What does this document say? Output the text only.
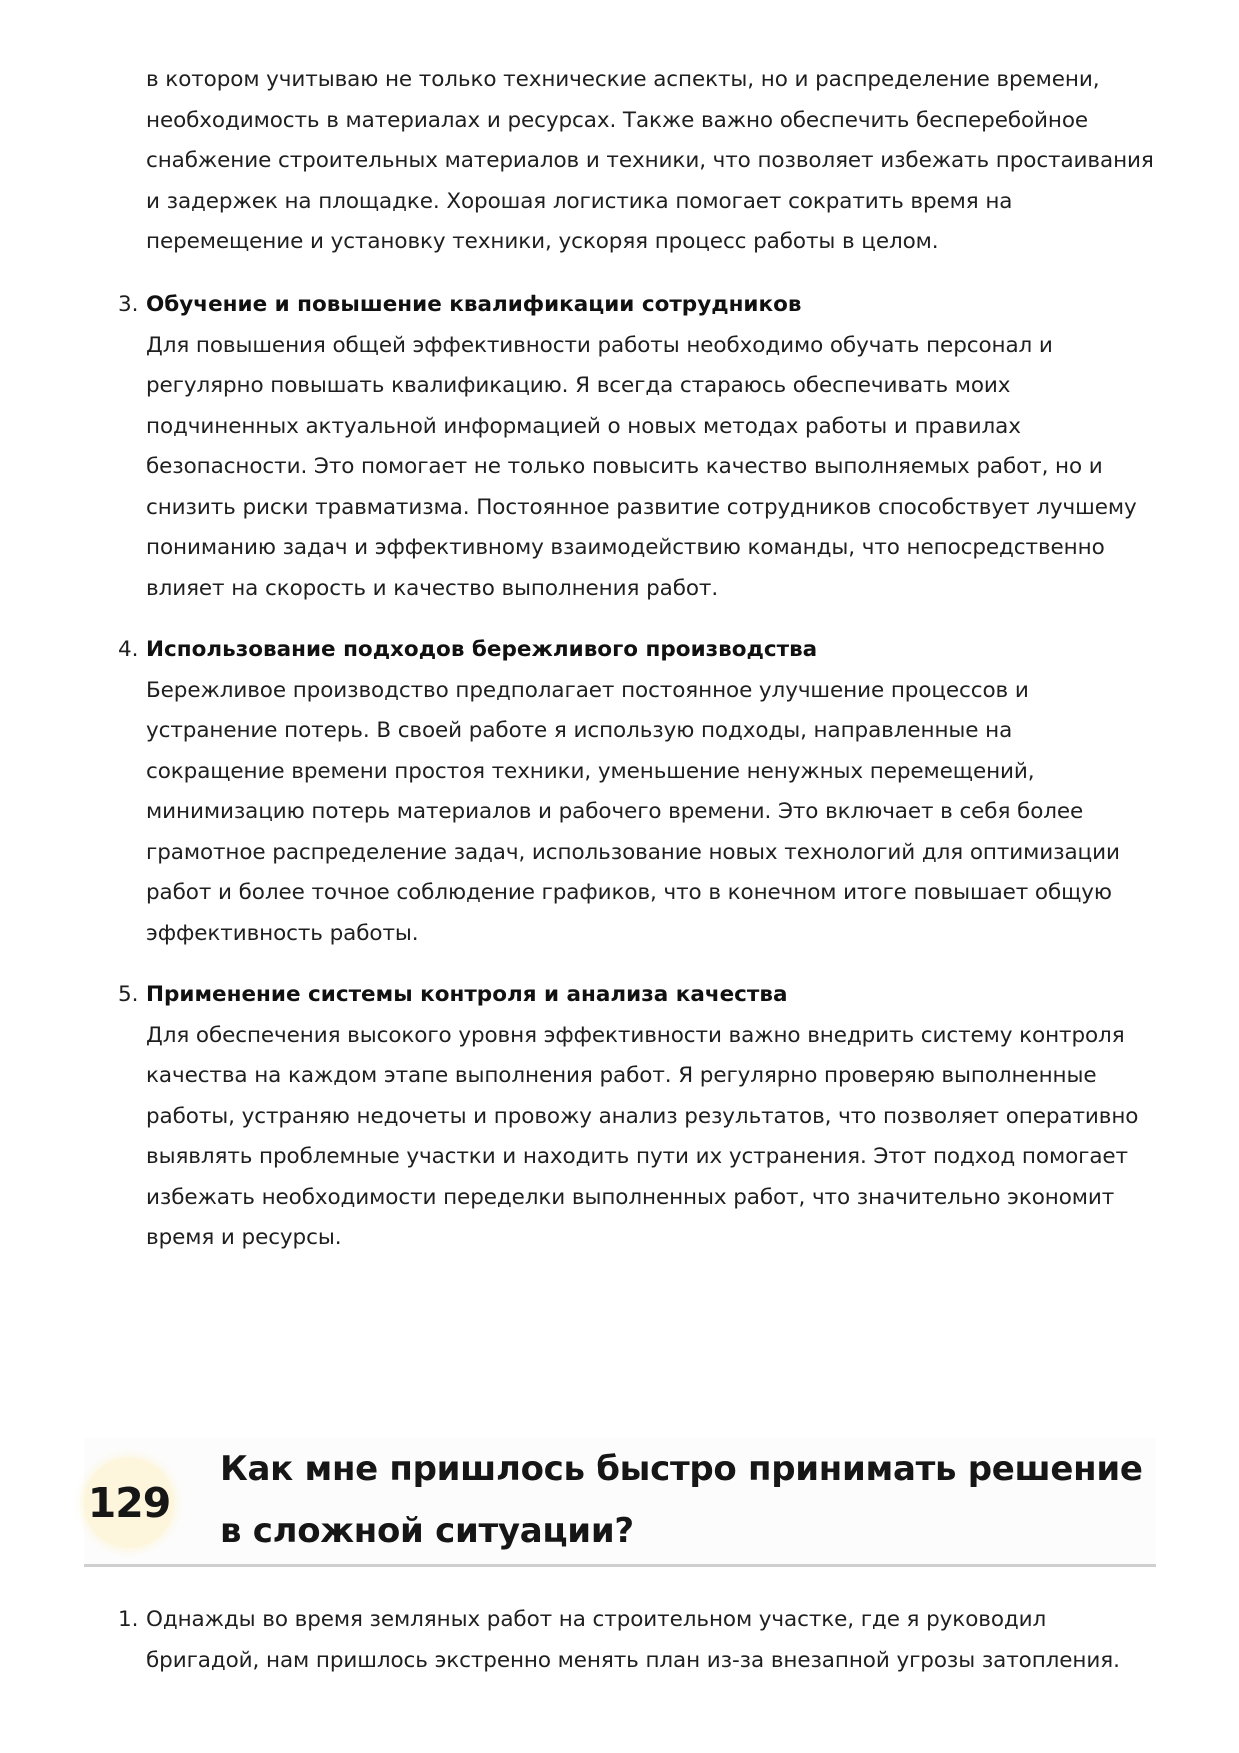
в котором учитываю не только технические аспекты, но и распределение времени, необходимость в материалах и ресурсах. Также важно обеспечить бесперебойное снабжение строительных материалов и техники, что позволяет избежать простаивания и задержек на площадке. Хорошая логистика помогает сократить время на перемещение и установку техники, ускоряя процесс работы в целом.

3. Обучение и повышение квалификации сотрудников
Для повышения общей эффективности работы необходимо обучать персонал и регулярно повышать квалификацию. Я всегда стараюсь обеспечивать моих подчиненных актуальной информацией о новых методах работы и правилах безопасности. Это помогает не только повысить качество выполняемых работ, но и снизить риски травматизма. Постоянное развитие сотрудников способствует лучшему пониманию задач и эффективному взаимодействию команды, что непосредственно влияет на скорость и качество выполнения работ.
4. Использование подходов бережливого производства
Бережливое производство предполагает постоянное улучшение процессов и устранение потерь. В своей работе я использую подходы, направленные на сокращение времени простоя техники, уменьшение ненужных перемещений, минимизацию потерь материалов и рабочего времени. Это включает в себя более грамотное распределение задач, использование новых технологий для оптимизации работ и более точное соблюдение графиков, что в конечном итоге повышает общую эффективность работы.
5. Применение системы контроля и анализа качества
Для обеспечения высокого уровня эффективности важно внедрить систему контроля качества на каждом этапе выполнения работ. Я регулярно проверяю выполненные работы, устраняю недочеты и провожу анализ результатов, что позволяет оперативно выявлять проблемные участки и находить пути их устранения. Этот подход помогает избежать необходимости переделки выполненных работ, что значительно экономит время и ресурсы.
129
Как мне пришлось быстро принимать решение в сложной ситуации?
1. Однажды во время земляных работ на строительном участке, где я руководил бригадой, нам пришлось экстренно менять план из-за внезапной угрозы затопления.
